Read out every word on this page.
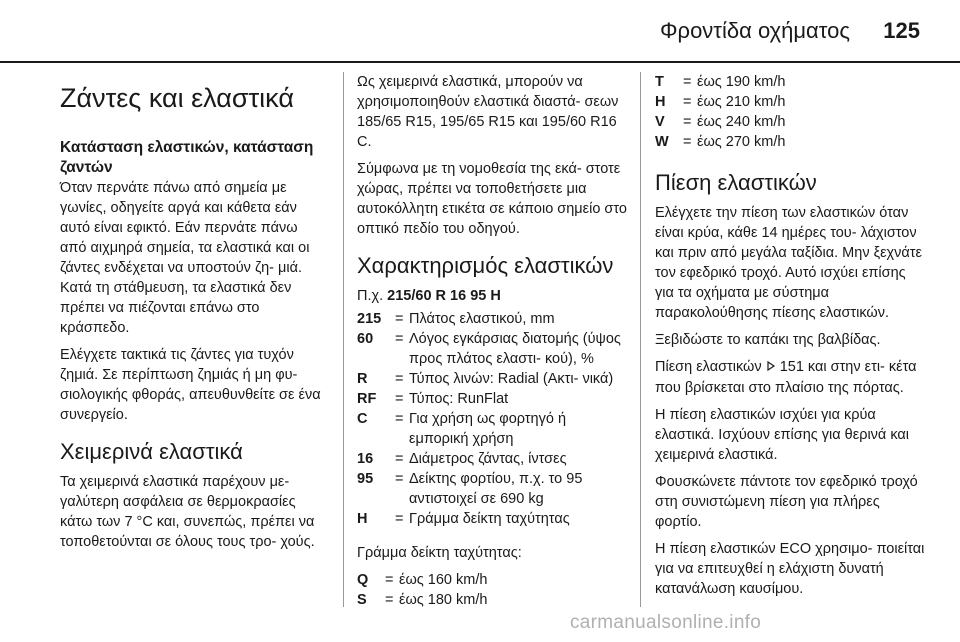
Φροντίδα οχήματος 125
Ζάντες και ελαστικά
Κατάσταση ελαστικών, κατάσταση ζαντών

Όταν περνάτε πάνω από σημεία με γωνίες, οδηγείτε αργά και κάθετα εάν αυτό είναι εφικτό. Εάν περνάτε πάνω από αιχμηρά σημεία, τα ελαστικά και οι ζάντες ενδέχεται να υποστούν ζη- μιά. Κατά τη στάθμευση, τα ελαστικά δεν πρέπει να πιέζονται επάνω στο κράσπεδο.

Ελέγχετε τακτικά τις ζάντες για τυχόν ζημιά. Σε περίπτωση ζημιάς ή μη φυ- σιολογικής φθοράς, απευθυνθείτε σε ένα συνεργείο.

Χειμερινά ελαστικά

Τα χειμερινά ελαστικά παρέχουν με- γαλύτερη ασφάλεια σε θερμοκρασίες κάτω των 7 °C και, συνεπώς, πρέπει να τοποθετούνται σε όλους τους τρο- χούς.

Ως χειμερινά ελαστικά, μπορούν να χρησιμοποιηθούν ελαστικά διαστά- σεων 185/65 R15, 195/65 R15 και 195/60 R16 C.

Σύμφωνα με τη νομοθεσία της εκά- στοτε χώρας, πρέπει να τοποθετήσετε μια αυτοκόλλητη ετικέτα σε κάποιο σημείο στο οπτικό πεδίο του οδηγού.

Χαρακτηρισμός ελαστικών

Π.χ. 215/60 R 16 95 H

215 = Πλάτος ελαστικού, mm
60	= Λόγος εγκάρσιας διατομής (ύψος προς πλάτος ελαστι- κού), %
R	= Τύπος λινών: Radial (Ακτι- νικά)
RF	= Τύπος: RunFlat
C	= Για χρήση ως φορτηγό ή εμπορική χρήση
16	= Διάμετρος ζάντας, ίντσες
95	= Δείκτης φορτίου, π.χ. το 95 αντιστοιχεί σε 690 kg
H	= Γράμμα δείκτη ταχύτητας

Γράμμα δείκτη ταχύτητας:

Q	= έως 160 km/h
S	= έως 180 km/h
T	= έως 190 km/h
H	= έως 210 km/h
V	= έως 240 km/h
W = έως 270 km/h
Πίεση ελαστικών

Ελέγχετε την πίεση των ελαστικών όταν είναι κρύα, κάθε 14 ημέρες του- λάχιστον και πριν από μεγάλα ταξίδια. Μην ξεχνάτε τον εφεδρικό τροχό. Αυτό ισχύει επίσης για τα οχήματα με σύστημα παρακολούθησης πίεσης ελαστικών.

Ξεβιδώστε το καπάκι της βαλβίδας.

Πίεση ελαστικών 151 και στην ετι- κέτα που βρίσκεται στο πλαίσιο της πόρτας.

Η πίεση ελαστικών ισχύει για κρύα ελαστικά. Ισχύουν επίσης για θερινά και χειμερινά ελαστικά.

Φουσκώνετε πάντοτε τον εφεδρικό τροχό στη συνιστώμενη πίεση για πλήρες φορτίο.

Η πίεση ελαστικών ECO χρησιμο- ποιείται για να επιτευχθεί η ελάχιστη δυνατή κατανάλωση καυσίμου.

carmanualsonline.info
